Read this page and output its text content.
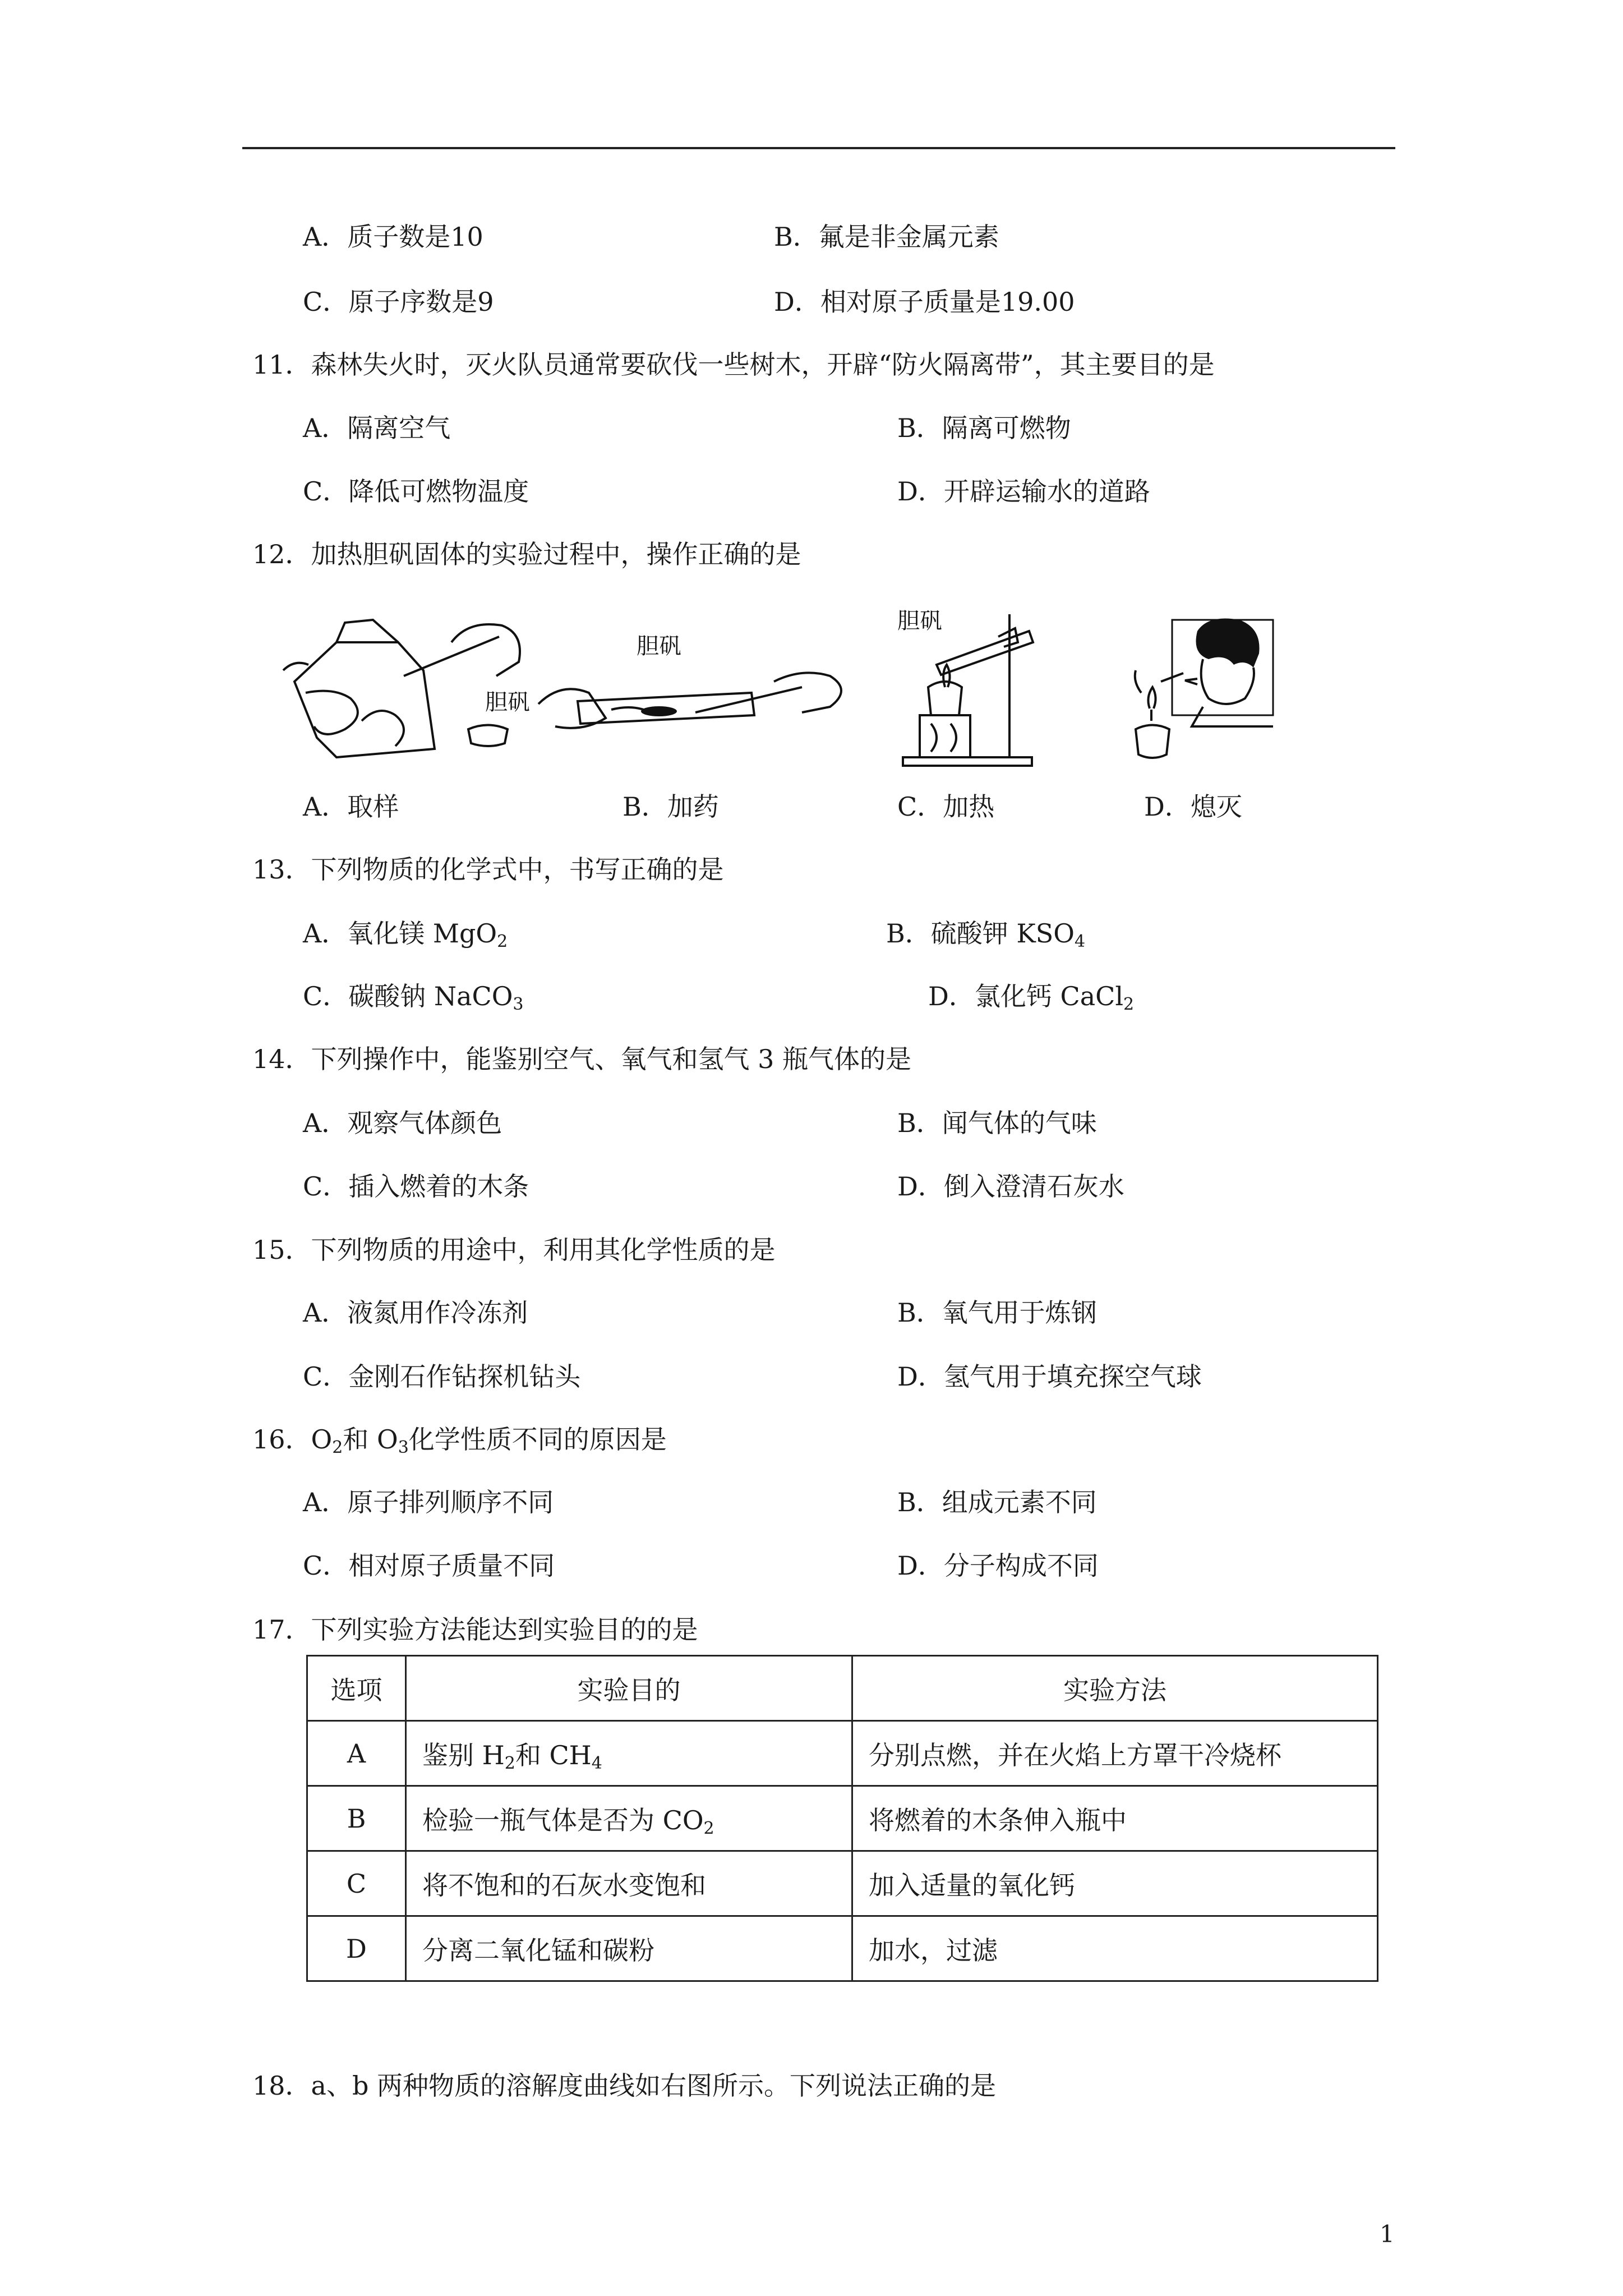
A．质子数是10	B．氟是非金属元素
C．原子序数是9	D．相对原子质量是19.00
11．森林失火时，灭火队员通常要砍伐一些树木，开辟“防火隔离带”，其主要目的是
A．隔离空气	B．隔离可燃物
C．降低可燃物温度	D．开辟运输水的道路
12．加热胆矾固体的实验过程中，操作正确的是
胆矾
胆矾
胆矾
A．取样	B．加药	C．加热	D．熄灭
13．下列物质的化学式中，书写正确的是
A．氧化镁 MgO$_2$	B．硫酸钾 $KSO_4$
C．碳酸钠 NaCO$_3$	D．氯化钙 CaCl$_2$
14．下列操作中，能鉴别空气、氧气和氢气 3 瓶气体的是
A．观察气体颜色	B．闻气体的气味
C．插入燃着的木条	D．倒入澄清石灰水
15．下列物质的用途中，利用其化学性质的是
A．液氮用作冷冻剂	B．氧气用于炼钢
C．金刚石作钻探机钻头	D．氢气用于填充探空气球
16．$O_2$和 $O_3$化学性质不同的原因是
A．原子排列顺序不同	B．组成元素不同
C．相对原子质量不同	D．分子构成不同
17．下列实验方法能达到实验目的的是
选项	实验目的	实验方法
A	鉴别 $H_2$和 $CH_4$	分别点燃，并在火焰上方罩干冷烧杯
B	检验一瓶气体是否为 $CO_2$	将燃着的木条伸入瓶中
C	将不饱和的石灰水变饱和	加入适量的氧化钙
D	分离二氧化锰和碳粉	加水，过滤
18．a、b 两种物质的溶解度曲线如右图所示。下列说法正确的是
1
